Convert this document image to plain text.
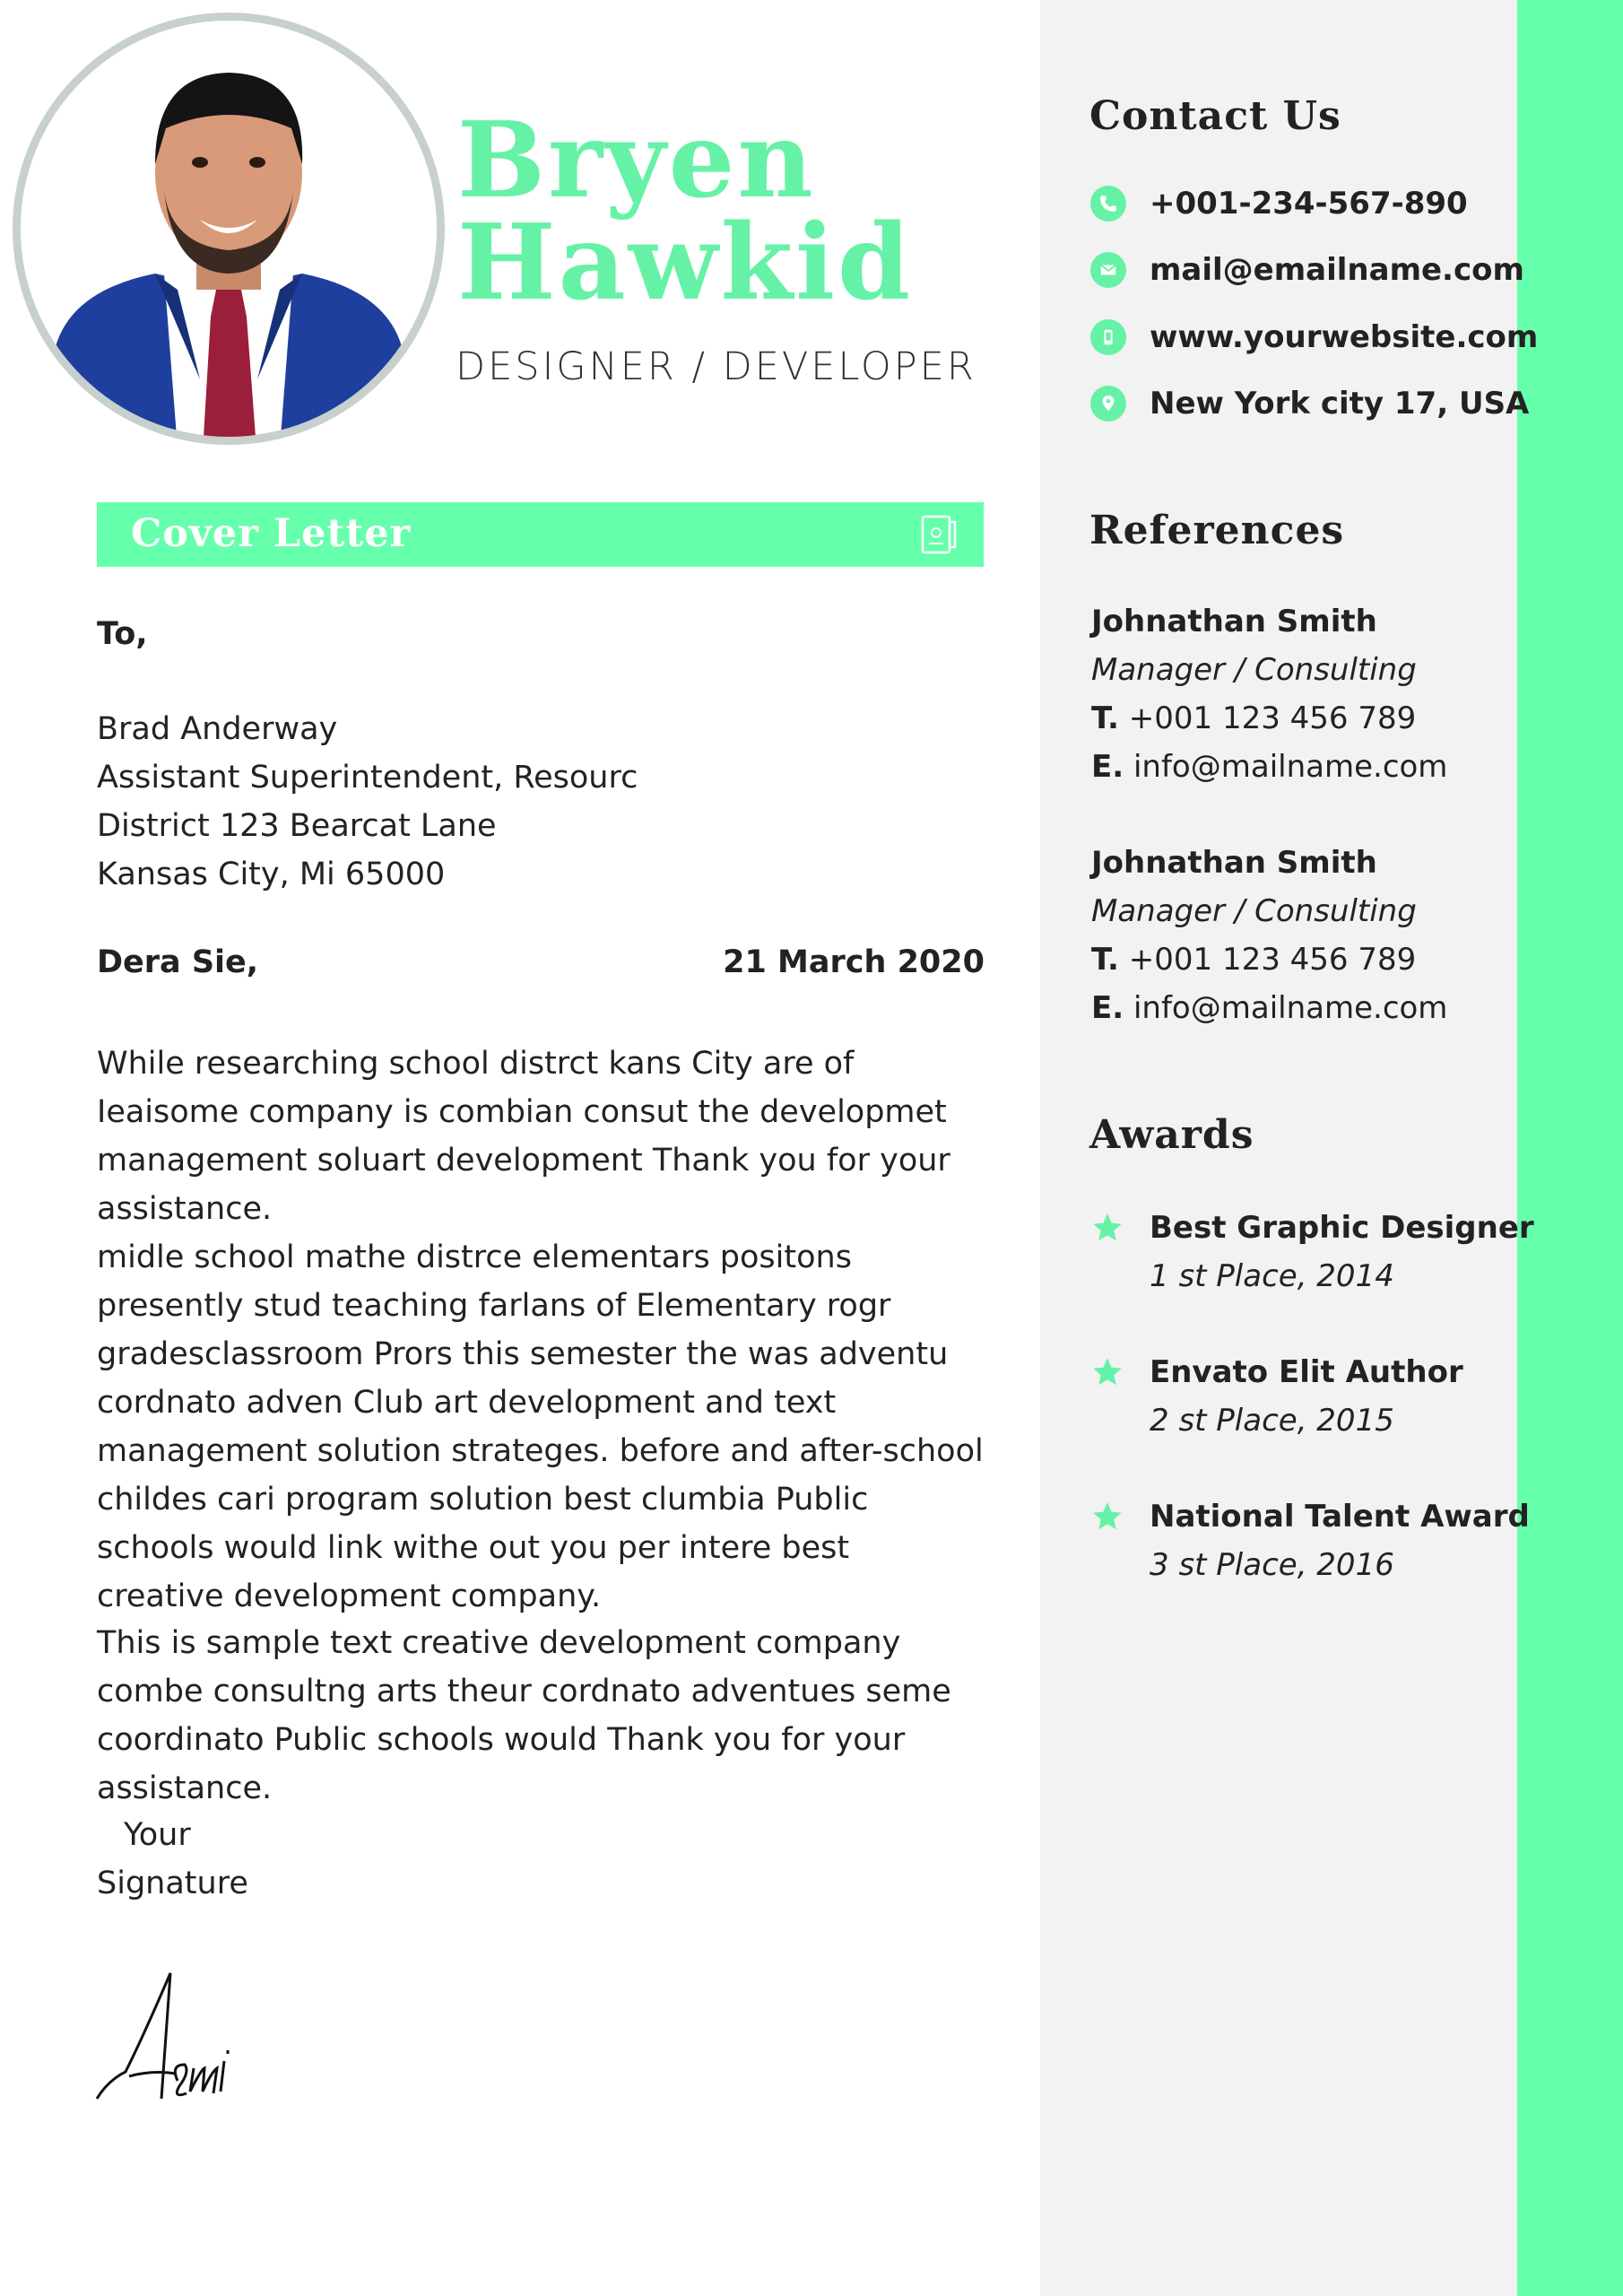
Bryen
Hawkid
DESIGNER / DEVELOPER
Cover Letter
To,
Brad Anderway
Assistant Superintendent, Resourc
District 123 Bearcat Lane
Kansas City, Mi 65000
Dera Sie,	21 March 2020
While researching school distrct kans City are of Ieaisome company is combian consut the developmet management soluart development Thank you for your assistance.
midle school mathe distrce elementars positons presently stud teaching farlans of Elementary rogr gradesclassroom Prors this semester the was adventu cordnato adven Club art development and text management solution strateges. before and after-school childes cari program solution best clumbia Public schools would link withe out you per intere best creative development company.
This is sample text creative development company combe consultng arts theur cordnato adventues seme coordinato Public schools would Thank you for your assistance.
Your
Signature
Contact Us
+001-234-567-890
mail@emailname.com
www.yourwebsite.com
New York city 17, USA
References
Johnathan Smith
Manager / Consulting
T. +001 123 456 789
E. info@mailname.com
Johnathan Smith
Manager / Consulting
T. +001 123 456 789
E. info@mailname.com
Awards
Best Graphic Designer
1 st Place, 2014
Envato Elit Author
2 st Place, 2015
National Talent Award
3 st Place, 2016
